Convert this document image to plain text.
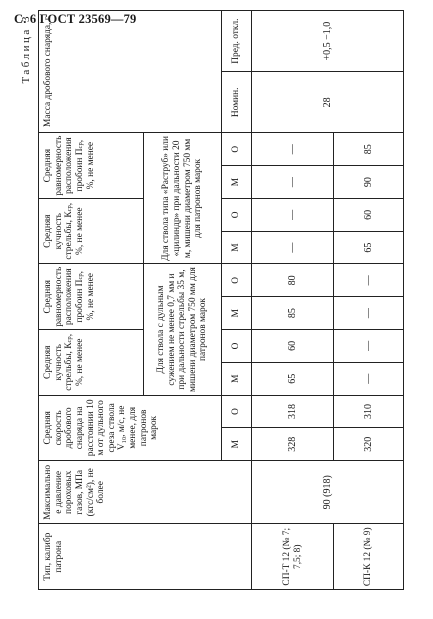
С. 6 ГОСТ 23569—79
Таблица 3
Тип, калибр патрона	Максимальное давление пороховых газов, МПа (кгс/см²), не более	Средняя скорость дробового снаряда на расстоянии 10 м от дульного среза ствола V₁₀, м/с, не менее, для патронов марок		Средняя кучность стрельбы, Кср, %, не менее		Средняя равномерность расположения пробоин Пср, %, не менее		Средняя кучность стрельбы, Кср, %, не менее		Средняя равномерность расположения пробоин Пср, %, не менее		Масса дробового снаряда, г	
				Для ствола с дульным сужением не менее 0,7 мм и при дальности стрельбы 35 м, мишени диаметром 750 мм для патронов марок				Для ствола типа «Раструб» или «цилиндр» при дальности 20 м, мишени диаметром 750 мм для патронов марок					
		М	О	М	О	М	О	М	О	М	О	Номин.	Пред. откл.
СП-Т 12 (№ 7; 7,5; 8)	90 (918)	328	318	65	60	85	80	—	—	—	—	28	+0,5 −1,0
СП-К 12 (№ 9)		320	310	—	—	—	—	65	60	90	85		
